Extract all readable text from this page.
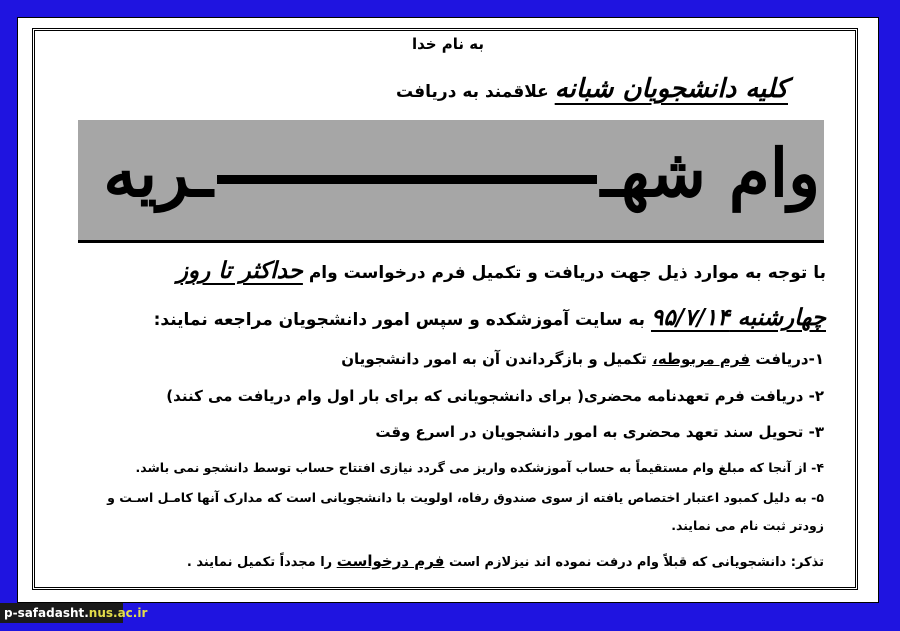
به نام خدا
کلیه دانشجویان شبانه علاقمند به دریافت
وام شهــریه
با توجه به موارد ذیل جهت دریافت و تکمیل فرم درخواست وام حداکثر تا روز
چهارشنبه ۹۵/۷/۱۴ به سایت آموزشکده و سپس امور دانشجویان مراجعه نمایند:
۱-دریافت فرم مربوطه، تکمیل و بازگرداندن آن به امور دانشجویان
۲- دریافت فرم تعهدنامه محضری( برای دانشجویانی که برای بار اول وام دریافت می کنند)
۳- تحویل سند تعهد محضری به امور دانشجویان در اسرع وقت
۴- از آنجا که مبلغ وام مستقیماً به حساب آموزشکده واریز می گردد نیازی افتتاح حساب توسط دانشجو نمی باشد.
۵- به دلیل کمبود اعتبار اختصاص یافته از سوی صندوق رفاه، اولویت با دانشجویانی است که مدارک آنها کامـل اسـت و
زودتر ثبت نام می نمایند.
تذکر: دانشجویانی که قبلاً وام درفت نموده اند نیزلازم است فرم درخواست را مجدداً تکمیل نمایند .
p-safadasht.nus.ac.ir
